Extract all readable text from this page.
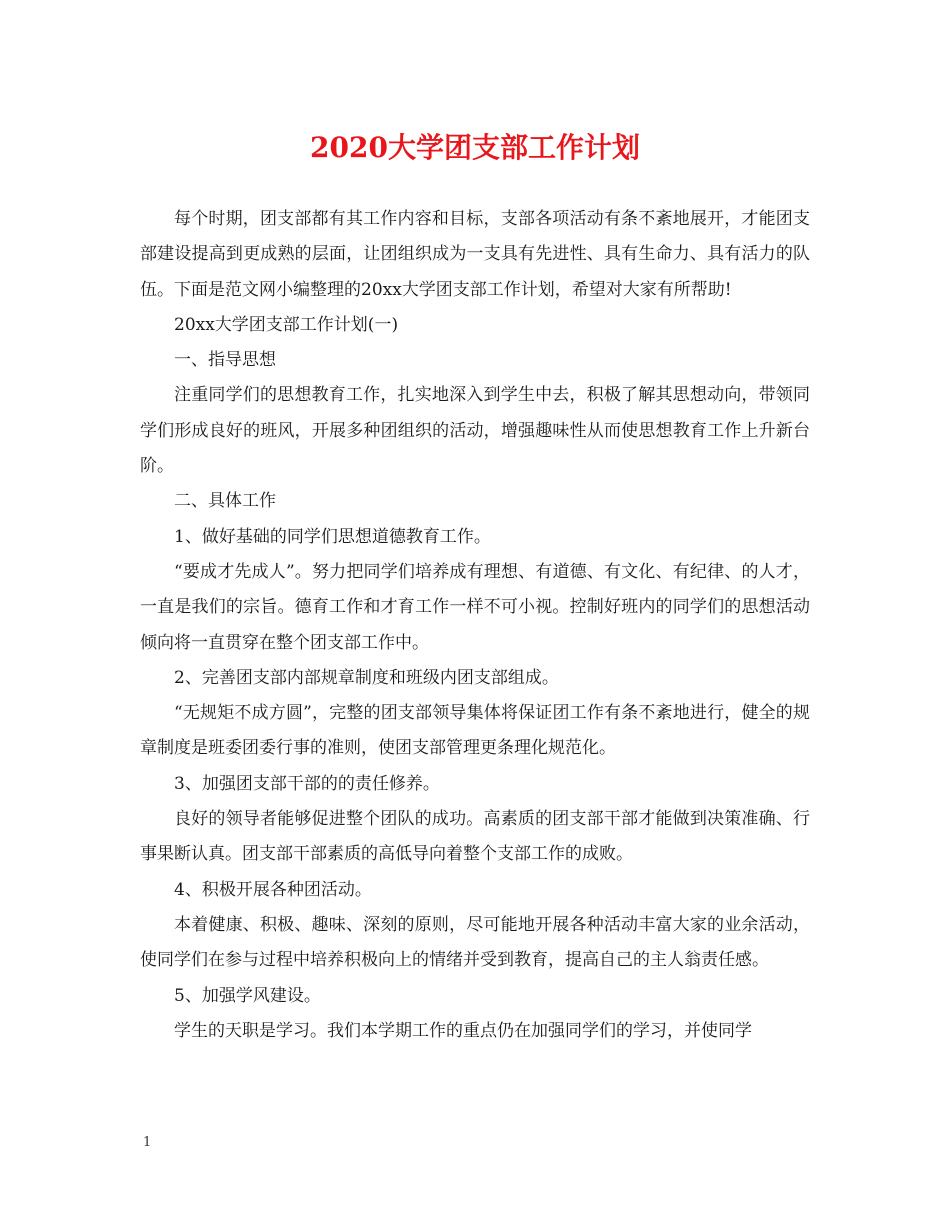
2020大学团支部工作计划

每个时期，团支部都有其工作内容和目标，支部各项活动有条不紊地展开，才能团支部建设提高到更成熟的层面，让团组织成为一支具有先进性、具有生命力、具有活力的队伍。下面是范文网小编整理的20xx大学团支部工作计划，希望对大家有所帮助!

20xx大学团支部工作计划(一)

一、指导思想

注重同学们的思想教育工作，扎实地深入到学生中去，积极了解其思想动向，带领同学们形成良好的班风，开展多种团组织的活动，增强趣味性从而使思想教育工作上升新台阶。

二、具体工作

1、做好基础的同学们思想道德教育工作。

“要成才先成人”。努力把同学们培养成有理想、有道德、有文化、有纪律、的人才，一直是我们的宗旨。德育工作和才育工作一样不可小视。控制好班内的同学们的思想活动倾向将一直贯穿在整个团支部工作中。

2、完善团支部内部规章制度和班级内团支部组成。

“无规矩不成方圆”，完整的团支部领导集体将保证团工作有条不紊地进行，健全的规章制度是班委团委行事的准则，使团支部管理更条理化规范化。

3、加强团支部干部的的责任修养。

良好的领导者能够促进整个团队的成功。高素质的团支部干部才能做到决策准确、行事果断认真。团支部干部素质的高低导向着整个支部工作的成败。

4、积极开展各种团活动。

本着健康、积极、趣味、深刻的原则，尽可能地开展各种活动丰富大家的业余活动，使同学们在参与过程中培养积极向上的情绪并受到教育，提高自己的主人翁责任感。

5、加强学风建设。

学生的天职是学习。我们本学期工作的重点仍在加强同学们的学习，并使同学

1
